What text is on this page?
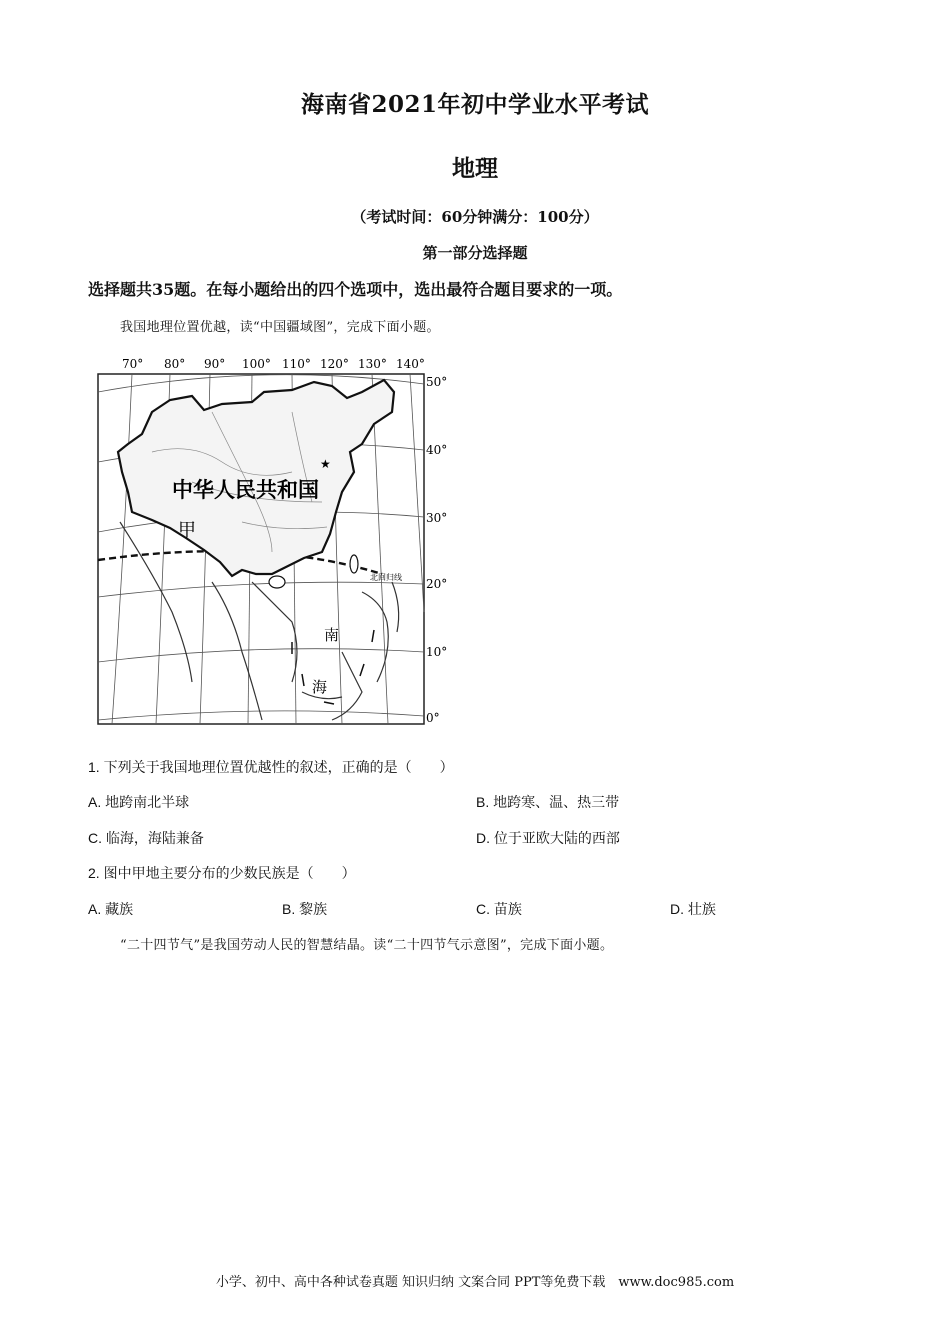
海南省2021年初中学业水平考试
地理
（考试时间：60分钟满分：100分）
第一部分选择题
选择题共35题。在每小题给出的四个选项中，选出最符合题目要求的一项。
我国地理位置优越，读“中国疆域图”，完成下面小题。
★
中华人民共和国
甲
南
海
北回归线
70° 80° 90° 100° 110° 120° 130° 140°
50°
40°
30°
20°
10°
0°
1. 下列关于我国地理位置优越性的叙述，正确的是（　　）
A. 地跨南北半球	B. 地跨寒、温、热三带
C. 临海，海陆兼备	D. 位于亚欧大陆的西部
2. 图中甲地主要分布的少数民族是（　　）
A. 藏族	B. 黎族	C. 苗族	D. 壮族
“二十四节气”是我国劳动人民的智慧结晶。读“二十四节气示意图”，完成下面小题。
小学、初中、高中各种试卷真题 知识归纳 文案合同 PPT等免费下载　www.doc985.com
